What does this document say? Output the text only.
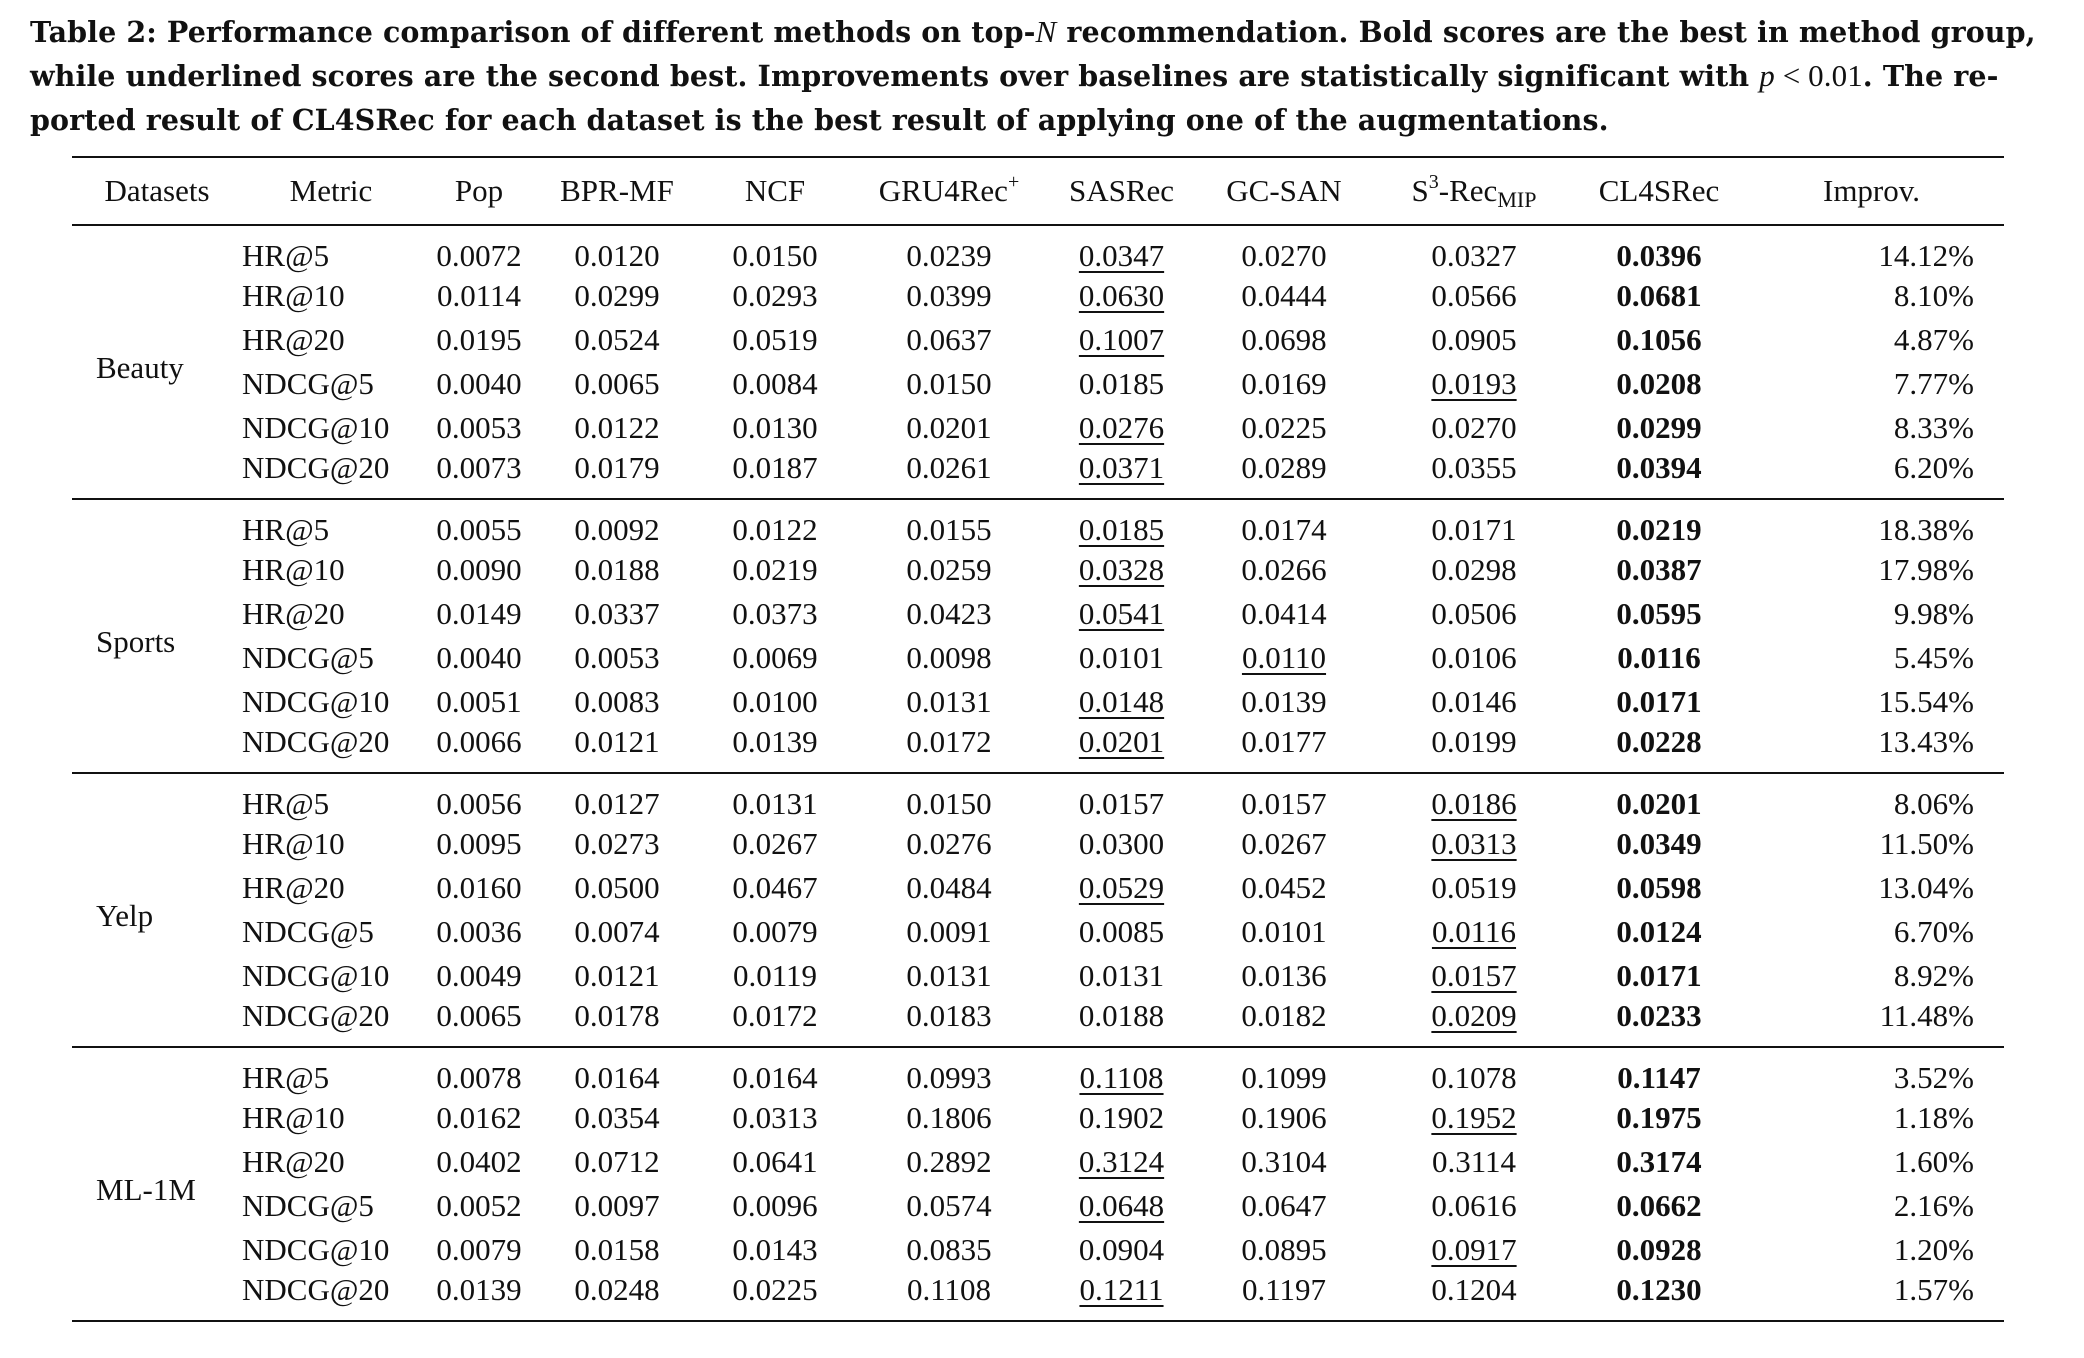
Table 2: Performance comparison of different methods on top-N recommendation. Bold scores are the best in method group,
while underlined scores are the second best. Improvements over baselines are statistically significant with p < 0.01. The re-
ported result of CL4SRec for each dataset is the best result of applying one of the augmentations.
Datasets	Metric	Pop	BPR-MF	NCF	GRU4Rec+	SASRec	GC-SAN	$S^3-Rec_{MIP}$	CL4SRec	Improv.
Beauty	HR@5	0.0072	0.0120	0.0150	0.0239	0.0347	0.0270	0.0327	0.0396	14.12%
	HR@10	0.0114	0.0299	0.0293	0.0399	0.0630	0.0444	0.0566	0.0681	8.10%
	HR@20	0.0195	0.0524	0.0519	0.0637	0.1007	0.0698	0.0905	0.1056	4.87%
	NDCG@5	0.0040	0.0065	0.0084	0.0150	0.0185	0.0169	0.0193	0.0208	7.77%
	NDCG@10	0.0053	0.0122	0.0130	0.0201	0.0276	0.0225	0.0270	0.0299	8.33%
	NDCG@20	0.0073	0.0179	0.0187	0.0261	0.0371	0.0289	0.0355	0.0394	6.20%
Sports	HR@5	0.0055	0.0092	0.0122	0.0155	0.0185	0.0174	0.0171	0.0219	18.38%
	HR@10	0.0090	0.0188	0.0219	0.0259	0.0328	0.0266	0.0298	0.0387	17.98%
	HR@20	0.0149	0.0337	0.0373	0.0423	0.0541	0.0414	0.0506	0.0595	9.98%
	NDCG@5	0.0040	0.0053	0.0069	0.0098	0.0101	0.0110	0.0106	0.0116	5.45%
	NDCG@10	0.0051	0.0083	0.0100	0.0131	0.0148	0.0139	0.0146	0.0171	15.54%
	NDCG@20	0.0066	0.0121	0.0139	0.0172	0.0201	0.0177	0.0199	0.0228	13.43%
Yelp	HR@5	0.0056	0.0127	0.0131	0.0150	0.0157	0.0157	0.0186	0.0201	8.06%
	HR@10	0.0095	0.0273	0.0267	0.0276	0.0300	0.0267	0.0313	0.0349	11.50%
	HR@20	0.0160	0.0500	0.0467	0.0484	0.0529	0.0452	0.0519	0.0598	13.04%
	NDCG@5	0.0036	0.0074	0.0079	0.0091	0.0085	0.0101	0.0116	0.0124	6.70%
	NDCG@10	0.0049	0.0121	0.0119	0.0131	0.0131	0.0136	0.0157	0.0171	8.92%
	NDCG@20	0.0065	0.0178	0.0172	0.0183	0.0188	0.0182	0.0209	0.0233	11.48%
ML-1M	HR@5	0.0078	0.0164	0.0164	0.0993	0.1108	0.1099	0.1078	0.1147	3.52%
	HR@10	0.0162	0.0354	0.0313	0.1806	0.1902	0.1906	0.1952	0.1975	1.18%
	HR@20	0.0402	0.0712	0.0641	0.2892	0.3124	0.3104	0.3114	0.3174	1.60%
	NDCG@5	0.0052	0.0097	0.0096	0.0574	0.0648	0.0647	0.0616	0.0662	2.16%
	NDCG@10	0.0079	0.0158	0.0143	0.0835	0.0904	0.0895	0.0917	0.0928	1.20%
	NDCG@20	0.0139	0.0248	0.0225	0.1108	0.1211	0.1197	0.1204	0.1230	1.57%
